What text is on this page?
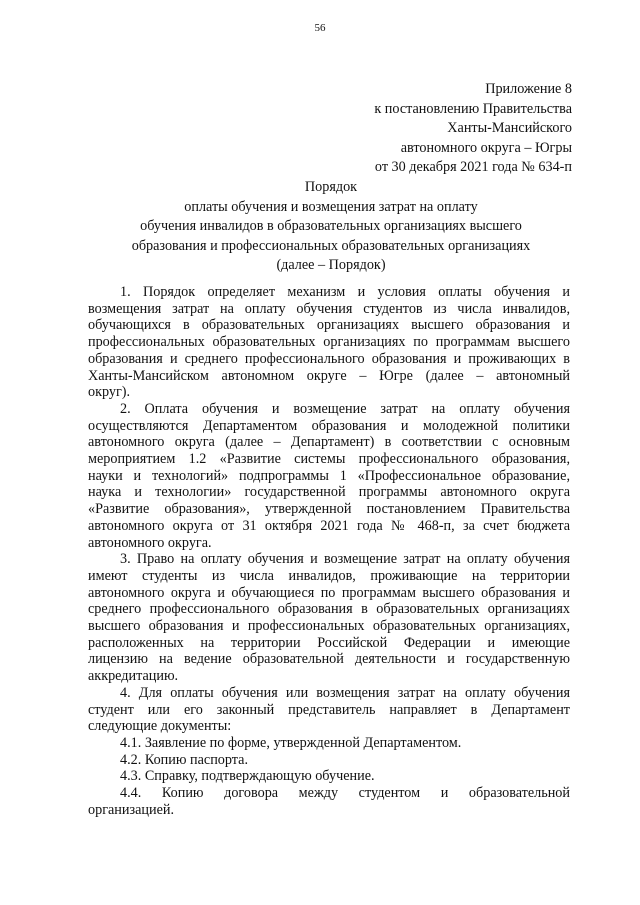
56
Приложение 8
к постановлению Правительства
Ханты-Мансийского
автономного округа – Югры
от 30 декабря 2021 года № 634-п
Порядок
оплаты обучения и возмещения затрат на оплату
обучения инвалидов в образовательных организациях высшего
образования и профессиональных образовательных организациях
(далее – Порядок)
1. Порядок определяет механизм и условия оплаты обучения и
возмещения затрат на оплату обучения студентов из числа инвалидов,
обучающихся в образовательных организациях высшего образования и
профессиональных образовательных организациях по программам высшего
образования и среднего профессионального образования и проживающих в
Ханты-Мансийском автономном округе – Югре (далее – автономный
округ).
2. Оплата обучения и возмещение затрат на оплату обучения
осуществляются Департаментом образования и молодежной политики
автономного округа (далее – Департамент) в соответствии с основным
мероприятием 1.2 «Развитие системы профессионального образования,
науки и технологий» подпрограммы 1 «Профессиональное образование,
наука и технологии» государственной программы автономного округа
«Развитие образования», утвержденной постановлением Правительства
автономного округа от 31 октября 2021 года № 468-п, за счет бюджета
автономного округа.
3. Право на оплату обучения и возмещение затрат на оплату обучения
имеют студенты из числа инвалидов, проживающие на территории
автономного округа и обучающиеся по программам высшего образования и
среднего профессионального образования в образовательных организациях
высшего образования и профессиональных образовательных организациях,
расположенных на территории Российской Федерации и имеющие
лицензию на ведение образовательной деятельности и государственную
аккредитацию.
4. Для оплаты обучения или возмещения затрат на оплату обучения
студент или его законный представитель направляет в Департамент
следующие документы:
4.1. Заявление по форме, утвержденной Департаментом.
4.2. Копию паспорта.
4.3. Справку, подтверждающую обучение.
4.4. Копию договора между студентом и образовательной
организацией.
